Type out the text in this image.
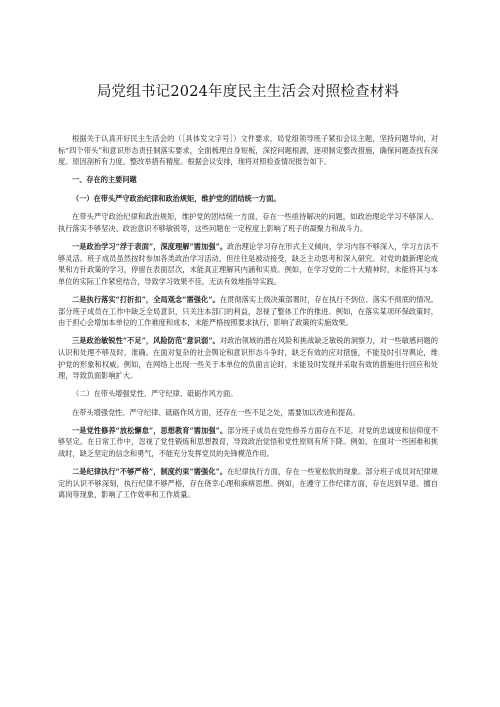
局党组书记2024年度民主生活会对照检查材料

根据关于认真开好民主生活会的（［具体发文字号］）文件要求，局党组领导班子紧扣会议主题，坚持问题导向，对标“四个带头”和意识形态责任制落实要求，全面梳理自身短板，深挖问题根源，逐项制定整改措施，确保问题查找有深度、原因剖析有力度、整改举措有精度。根据会议安排，现将对照检查情况报告如下。

一、存在的主要问题

（一）在带头严守政治纪律和政治规矩，维护党的团结统一方面。

在带头严守政治纪律和政治规矩，维护党的团结统一方面，存在一些亟待解决的问题，如政治理论学习不够深入、执行落实不够坚决、政治意识不够敏锐等，这些问题在一定程度上影响了班子的凝聚力和战斗力。

一是政治学习“浮于表面”，深度理解“需加强”。政治理论学习存在形式主义倾向，学习内容不够深入，学习方法不够灵活。班子成员虽然按时参加各类政治学习活动，但往往是被动接受，缺乏主动思考和深入研究。对党的最新理论成果和方针政策的学习，停留在表面层次，未能真正理解其内涵和实质。例如，在学习党的二十大精神时，未能将其与本单位的实际工作紧密结合，导致学习效果不佳，无法有效地指导实践。

二是执行落实“打折扣”，全局观念“需强化”。在贯彻落实上级决策部署时，存在执行不到位、落实不彻底的情况。部分班子成员在工作中缺乏全局意识，只关注本部门的利益，忽视了整体工作的推进。例如，在落实某项环保政策时，由于担心会增加本单位的工作难度和成本，未能严格按照要求执行，影响了政策的实施效果。

三是政治敏锐性“不足”，风险防范“意识弱”。对政治领域的潜在风险和挑战缺乏敏锐的洞察力，对一些敏感问题的认识和处理不够及时、准确。在面对复杂的社会舆论和意识形态斗争时，缺乏有效的应对措施，不能及时引导舆论，维护党的形象和权威。例如，在网络上出现一些关于本单位的负面言论时，未能及时发现并采取有效的措施进行回应和处理，导致负面影响扩大。

（二）在带头增强党性、严守纪律、砥砺作风方面。

在带头增强党性、严守纪律、砥砺作风方面，还存在一些不足之处，需要加以改进和提高。

一是党性修养“放松懈怠”，思想教育“需加强”。部分班子成员在党性修养方面存在不足，对党的忠诚度和信仰度不够坚定。在日常工作中，忽视了党性锻炼和思想教育，导致政治觉悟和党性原则有所下降。例如，在面对一些困难和挑战时，缺乏坚定的信念和勇气，不能充分发挥党员的先锋模范作用。

二是纪律执行“不够严格”，制度约束“需强化”。在纪律执行方面，存在一些宽松软的现象。部分班子成员对纪律规定的认识不够深刻，执行纪律不够严格，存在侥幸心理和麻痹思想。例如，在遵守工作纪律方面，存在迟到早退、擅自离岗等现象，影响了工作效率和工作质量。
